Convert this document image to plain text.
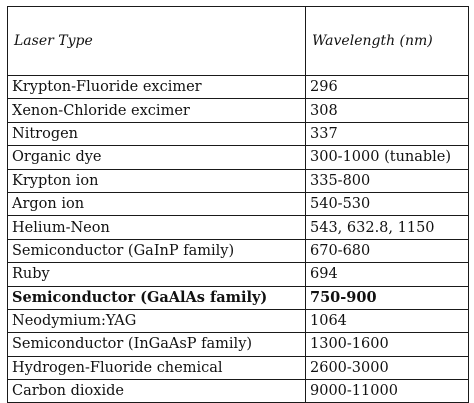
Laser Type	Wavelength (nm)
Krypton-Fluoride excimer	296
Xenon-Chloride excimer	308
Nitrogen	337
Organic dye	300-1000 (tunable)
Krypton ion	335-800
Argon ion	540-530
Helium-Neon	543, 632.8, 1150
Semiconductor (GaInP family)	670-680
Ruby	694
Semiconductor (GaAlAs family)	750-900
Neodymium:YAG	1064
Semiconductor (InGaAsP family)	1300-1600
Hydrogen-Fluoride chemical	2600-3000
Carbon dioxide	9000-11000
